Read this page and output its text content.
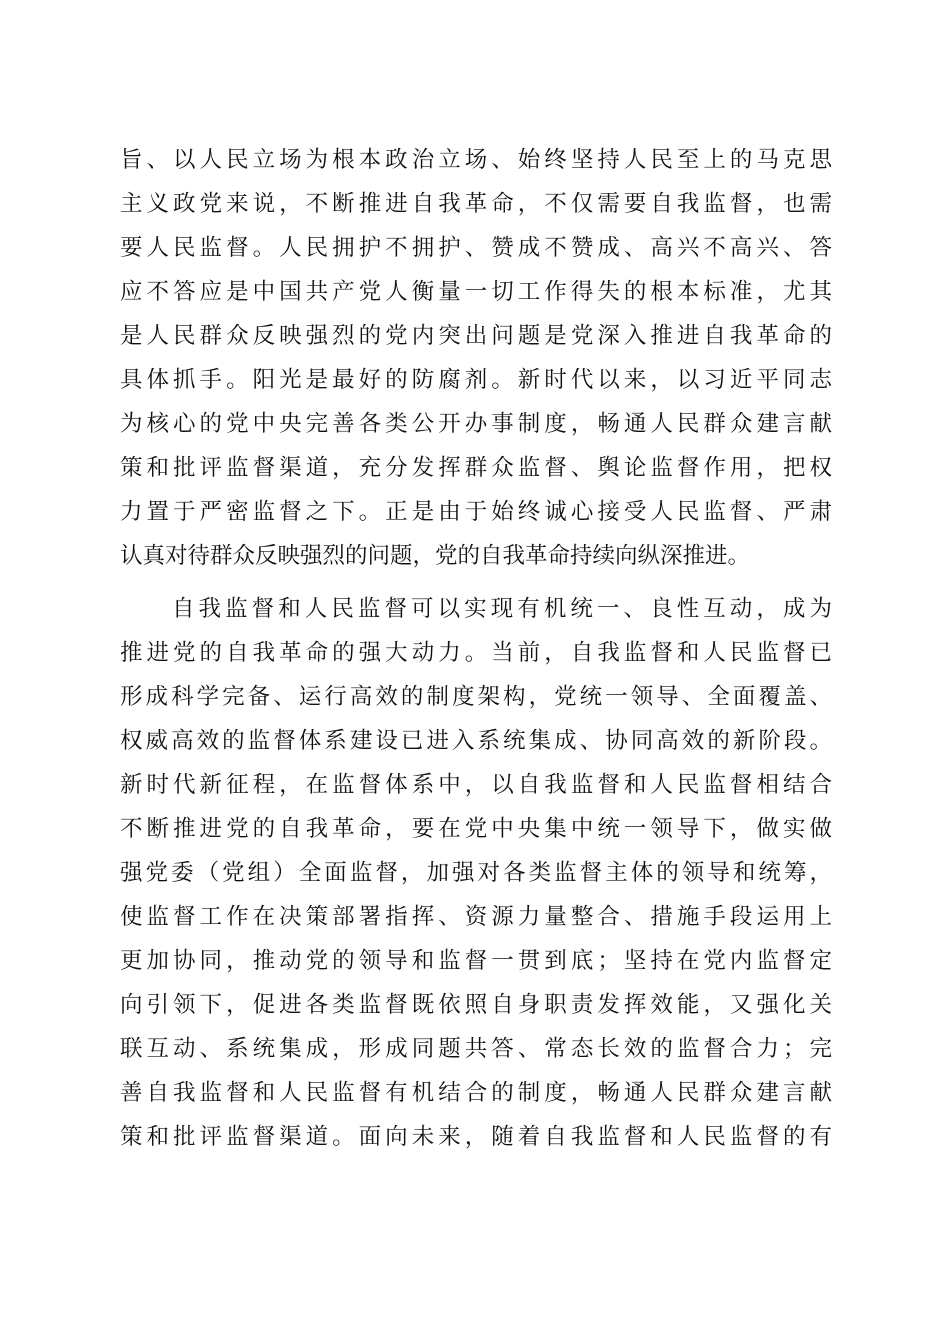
旨、以人民立场为根本政治立场、始终坚持人民至上的马克思
主义政党来说，不断推进自我革命，不仅需要自我监督，也需
要人民监督。人民拥护不拥护、赞成不赞成、高兴不高兴、答
应不答应是中国共产党人衡量一切工作得失的根本标准，尤其
是人民群众反映强烈的党内突出问题是党深入推进自我革命的
具体抓手。阳光是最好的防腐剂。新时代以来，以习近平同志
为核心的党中央完善各类公开办事制度，畅通人民群众建言献
策和批评监督渠道，充分发挥群众监督、舆论监督作用，把权
力置于严密监督之下。正是由于始终诚心接受人民监督、严肃
认真对待群众反映强烈的问题，党的自我革命持续向纵深推进。
自我监督和人民监督可以实现有机统一、良性互动，成为
推进党的自我革命的强大动力。当前，自我监督和人民监督已
形成科学完备、运行高效的制度架构，党统一领导、全面覆盖、
权威高效的监督体系建设已进入系统集成、协同高效的新阶段。
新时代新征程，在监督体系中，以自我监督和人民监督相结合
不断推进党的自我革命，要在党中央集中统一领导下，做实做
强党委（党组）全面监督，加强对各类监督主体的领导和统筹，
使监督工作在决策部署指挥、资源力量整合、措施手段运用上
更加协同，推动党的领导和监督一贯到底；坚持在党内监督定
向引领下，促进各类监督既依照自身职责发挥效能，又强化关
联互动、系统集成，形成同题共答、常态长效的监督合力；完
善自我监督和人民监督有机结合的制度，畅通人民群众建言献
策和批评监督渠道。面向未来，随着自我监督和人民监督的有
